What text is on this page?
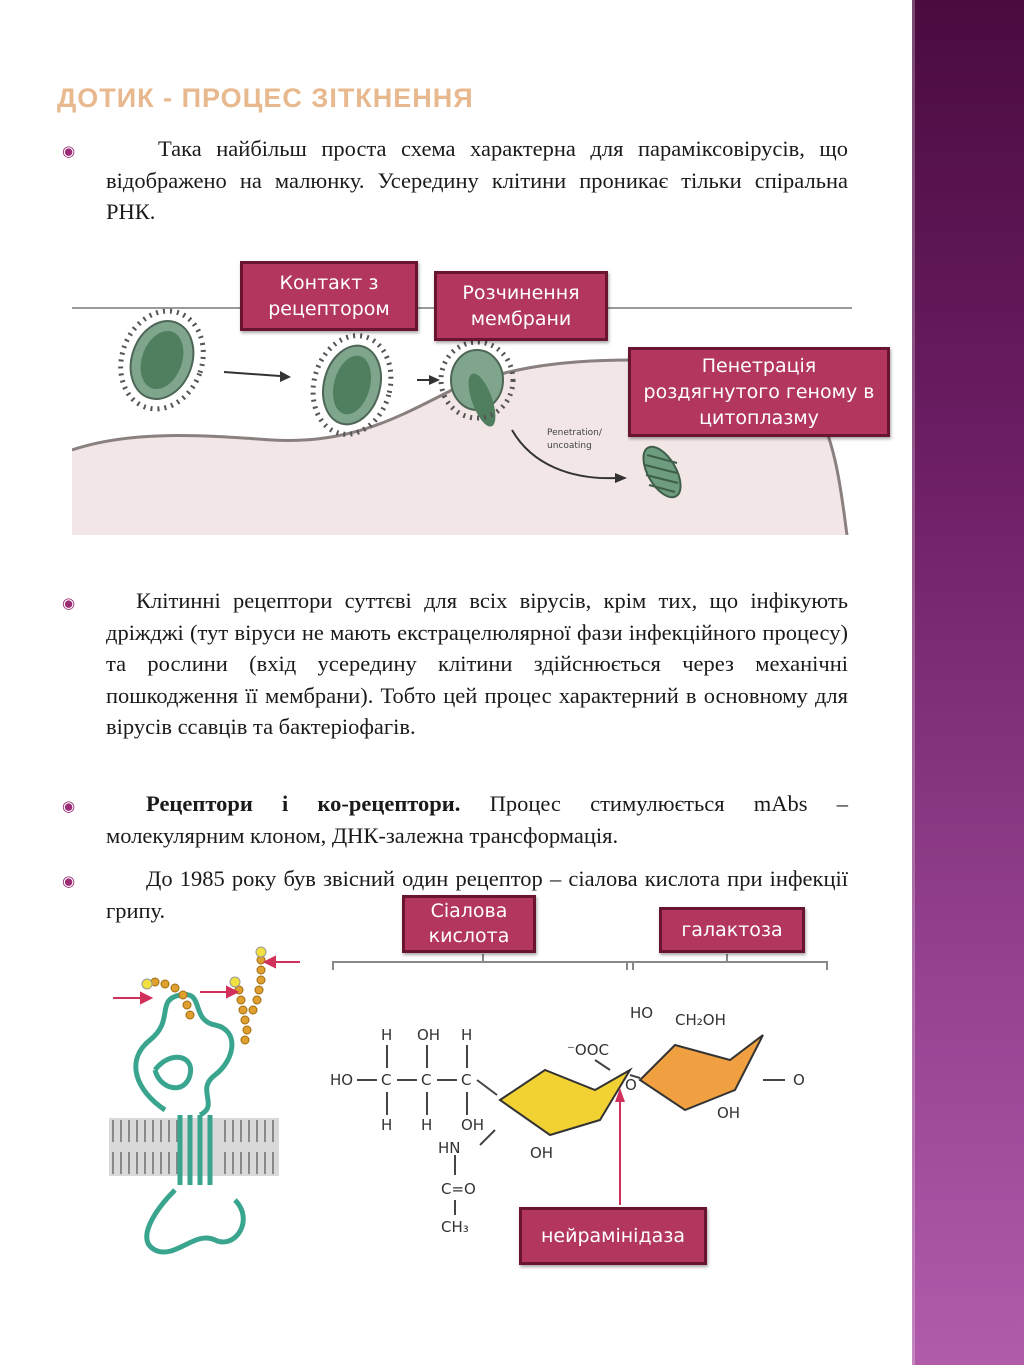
ДОТИК - ПРОЦЕС ЗІТКНЕННЯ
◉	Така найбільш проста схема характерна для параміксовірусів, що відображено на малюнку. Усередину клітини проникає тільки спіральна РНК.

Penetration/
uncoating
Контакт з рецептором
Розчинення мембрани
Пенетрація роздягнутого геному в цитоплазму
◉	Клітинні рецептори суттєві для всіх вірусів, крім тих, що інфікують дріжджі (тут віруси не мають екстрацелюлярної фази інфекційного процесу) та рослини (вхід усередину клітини здійснюється через механічні пошкодження її мембрани). Тобто цей процес характерний в основному для вірусів ссавців та бактеріофагів.

◉	Рецептори і ко-рецептори. Процес стимулюється mAbs – молекулярним клоном, ДНК-залежна трансформація.

◉	До 1985 року був звісний один рецептор – сіалова кислота при інфекції грипу.

HO C C C
H OH H
H H OH
HN
C=O
CH₃
OH
⁻OOC
O
HO CH₂OH
OH
O
Сіалова кислота	галактоза
нейрамінідаза
